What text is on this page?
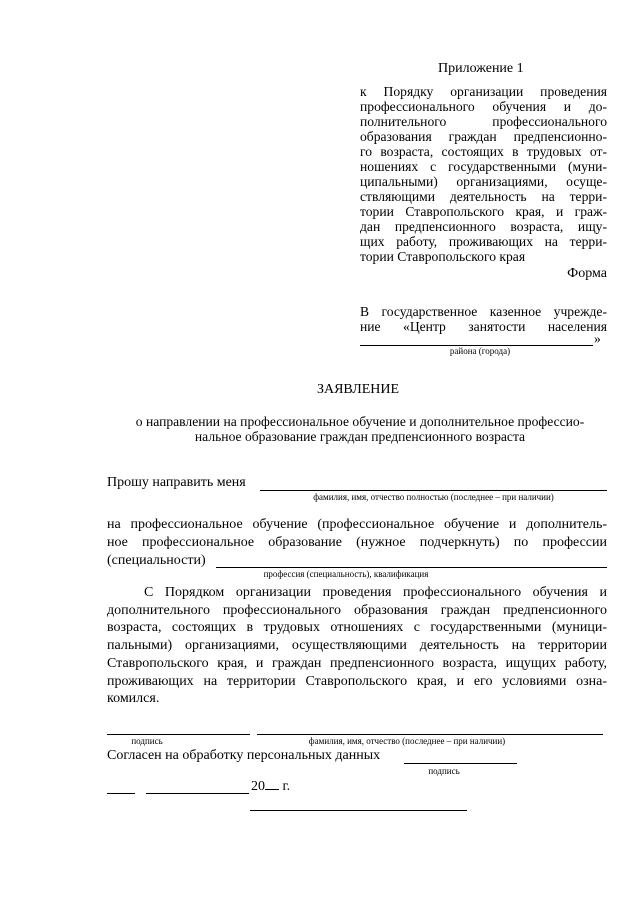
Приложение 1
к Порядку организации проведения
профессионального обучения и до-
полнительного профессионального
образования граждан предпенсионно-
го возраста, состоящих в трудовых от-
ношениях с государственными (муни-
ципальными) организациями, осуще-
ствляющими деятельность на терри-
тории Ставропольского края, и граж-
дан предпенсионного возраста, ищу-
щих работу, проживающих на терри-
тории Ставропольского края
Форма
В государственное казенное учрежде-
ние «Центр занятости населения
»
района (города)
ЗАЯВЛЕНИЕ
о направлении на профессиональное обучение и дополнительное профессио-
нальное образование граждан предпенсионного возраста
Прошу направить меня
фамилия, имя, отчество полностью (последнее – при наличии)
на профессиональное обучение (профессиональное обучение и дополнитель-
ное профессиональное образование (нужное подчеркнуть) по профессии
(специальности)
профессия (специальность), квалификация
С Порядком организации проведения профессионального обучения и
дополнительного профессионального образования граждан предпенсионного
возраста, состоящих в трудовых отношениях с государственными (муници-
пальными) организациями, осуществляющими деятельность на территории
Ставропольского края, и граждан предпенсионного возраста, ищущих работу,
проживающих на территории Ставропольского края, и его условиями озна-
комился.
подпись	фамилия, имя, отчество (последнее – при наличии)
Согласен на обработку персональных данных
подпись
20 г.
